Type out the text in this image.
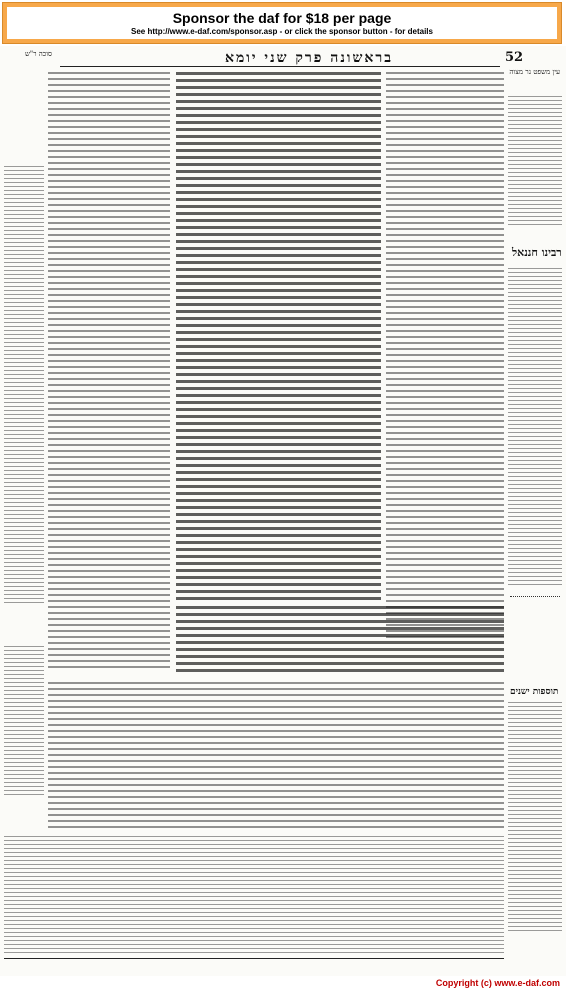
Sponsor the daf for $18 per page
See http://www.e-daf.com/sponsor.asp - or click the sponsor button - for details
סוכה ר"ש	בראשונה פרק שני יומא	52
עין משפט נר מצוה
רבינו חננאל
תוספות ישנים
Copyright (c) www.e-daf.com
